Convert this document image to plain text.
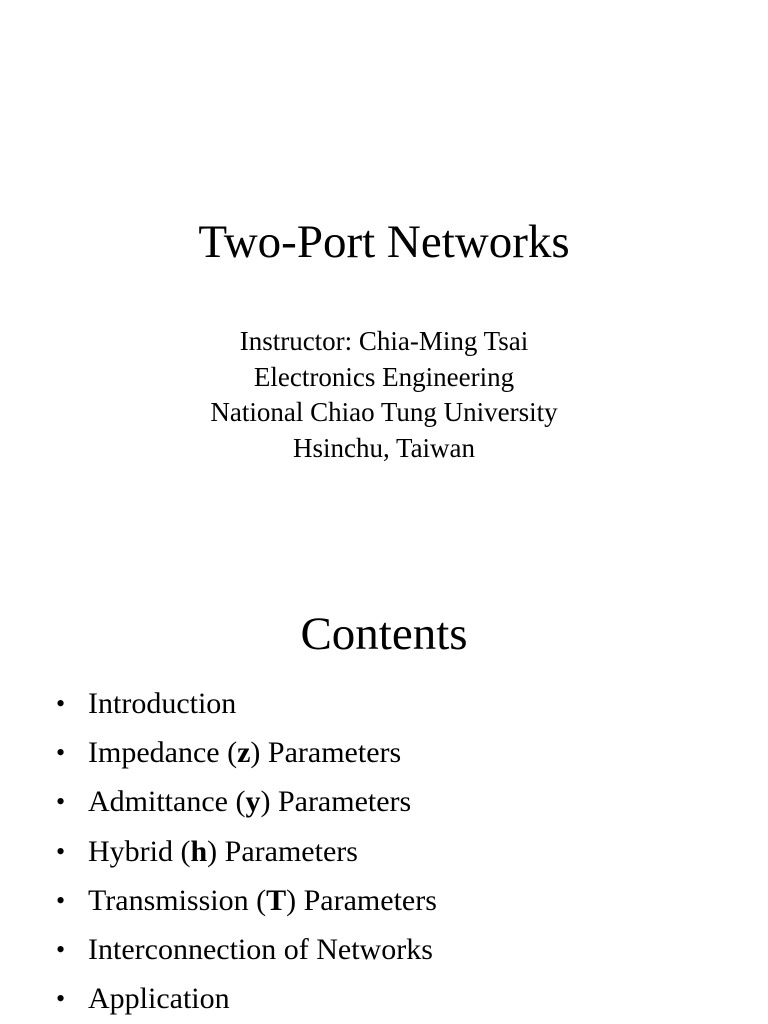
Two-Port Networks
Instructor: Chia-Ming Tsai
Electronics Engineering
National Chiao Tung University
Hsinchu, Taiwan
Contents
• Introduction
• Impedance (z) Parameters
• Admittance (y) Parameters
• Hybrid (h) Parameters
• Transmission (T) Parameters
• Interconnection of Networks
• Application
